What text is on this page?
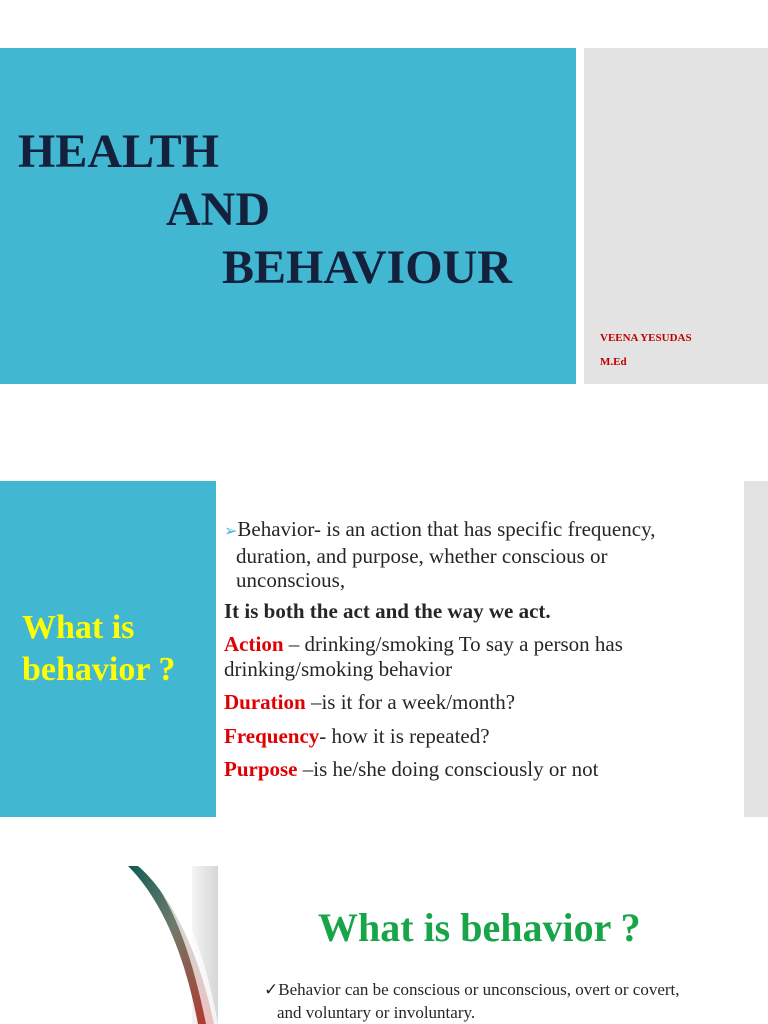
HEALTH
AND
BEHAVIOUR
VEENA YESUDAS
M.Ed
What is
behavior ?
➢Behavior- is an action that has specific frequency,
duration, and purpose, whether conscious or
unconscious,
It is both the act and the way we act.
Action – drinking/smoking To say a person has
drinking/smoking behavior
Duration –is it for a week/month?
Frequency- how it is repeated?
Purpose –is he/she doing consciously or not
What is behavior ?
✓Behavior can be conscious or unconscious, overt or covert,
and voluntary or involuntary.
